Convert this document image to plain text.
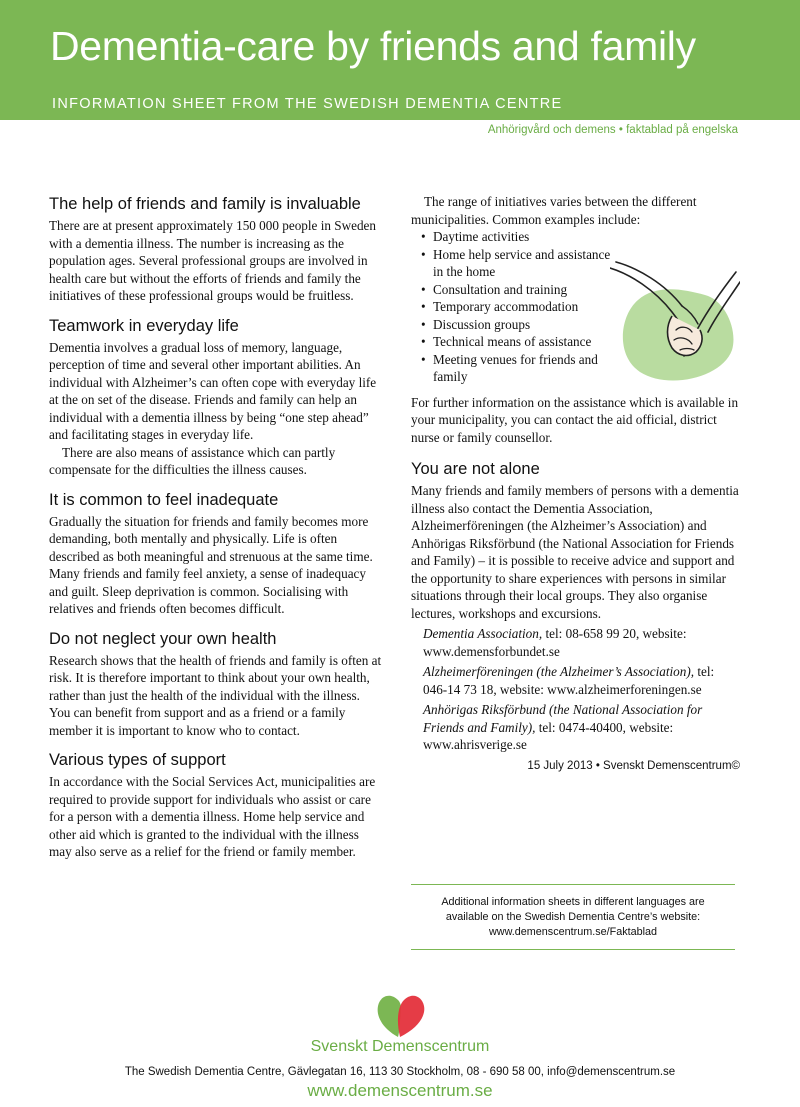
Dementia-care by friends and family
INFORMATION SHEET FROM THE SWEDISH DEMENTIA CENTRE
Anhörigvård och demens • faktablad på engelska
The help of friends and family is invaluable

There are at present approximately 150 000 people in Sweden with a dementia illness. The number is increasing as the population ages. Several professional groups are involved in health care but without the efforts of friends and family the initiatives of these professional groups would be fruitless.

Teamwork in everyday life

Dementia involves a gradual loss of memory, language, perception of time and several other important abilities. An individual with Alzheimer’s can often cope with everyday life at the on set of the disease. Friends and family can help an individual with a dementia illness by being “one step ahead” and facilitating stages in everyday life.

There are also means of assistance which can partly compensate for the difficulties the illness causes.

It is common to feel inadequate

Gradually the situation for friends and family becomes more demanding, both mentally and physically. Life is often described as both meaningful and strenuous at the same time. Many friends and family feel anxiety, a sense of inadequacy and guilt. Sleep deprivation is common. Socialising with relatives and friends often becomes difficult.

Do not neglect your own health

Research shows that the health of friends and family is often at risk. It is therefore important to think about your own health, rather than just the health of the individual with the illness. You can benefit from support and as a friend or a family member it is important to know who to contact.

Various types of support

In accordance with the Social Services Act, municipalities are required to provide support for individuals who assist or care for a person with a dementia illness. Home help service and other aid which is granted to the individual with the illness may also serve as a relief for the friend or family member.

The range of initiatives varies between the different municipalities. Common examples include:

• Daytime activities
• Home help service and assistance in the home
• Consultation and training
• Temporary accommodation
• Discussion groups
• Technical means of assistance
• Meeting venues for friends and family

For further information on the assistance which is available in your municipality, you can contact the aid official, district nurse or family counsellor.

You are not alone

Many friends and family members of persons with a dementia illness also contact the Dementia Association, Alzheimerföreningen (the Alzheimer’s Association) and Anhörigas Riksförbund (the National Association for Friends and Family) – it is possible to receive advice and support and the opportunity to share experiences with persons in similar situations through their local groups. They also organise lectures, workshops and excursions.

Dementia Association, tel: 08-658 99 20, website: www.demensforbundet.se

Alzheimerföreningen (the Alzheimer’s Association), tel: 046-14 73 18, website: www.alzheimerforeningen.se

Anhörigas Riksförbund (the National Association for Friends and Family), tel: 0474-40400, website: www.ahrisverige.se

15 July 2013 • Svenskt Demenscentrum©

Additional information sheets in different languages are

available on the Swedish Dementia Centre’s website:

www.demenscentrum.se/Faktablad

Svenskt Demenscentrum
The Swedish Dementia Centre, Gävlegatan 16, 113 30 Stockholm, 08 - 690 58 00, info@demenscentrum.se
www.demenscentrum.se
